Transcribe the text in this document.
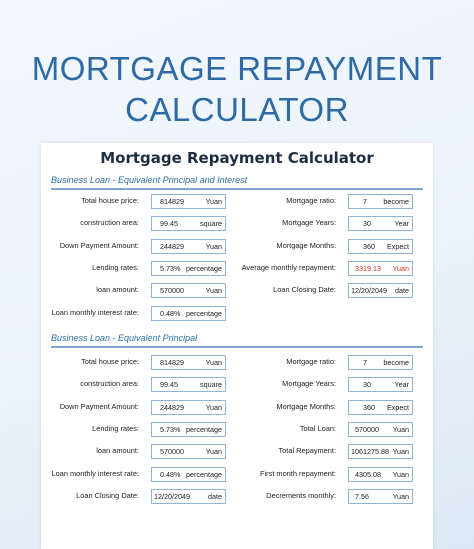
MORTGAGE REPAYMENT
CALCULATOR
Mortgage Repayment Calculator
Business Loan - Equivalent Principal and Interest
Total house price:	814829	Yuan
construction area:	99.45	square
Down Payment Amount:	244829	Yuan
Lending rates:	5.73% percentage
loan amount:	570000	Yuan
Loan monthly interest rate:	0.48% percentage
Mortgage ratio:	7 become
Mortgage Years:	30	Year
Mortgage Months:	360 Expect
Average monthly repayment:	3319.13 Yuan
Loan Closing Date: 12/20/2049 date
Business Loan - Equivalent Principal
Total house price:	814829	Yuan
construction area:	99.45	square
Down Payment Amount:	244829	Yuan
Lending rates:	5.73% percentage
loan amount:	570000	Yuan
Loan monthly interest rate:	0.48% percentage
Loan Closing Date: 12/20/2049	date
Mortgage ratio:	7 become
Mortgage Years:	30	Year
Mortgage Months:	360 Expect
Total Loan:	570000 Yuan
Total Repayment: 1061275.88 Yuan
First month repayment:	4305.08 Yuan
Decrements monthly:	7.56	Yuan
